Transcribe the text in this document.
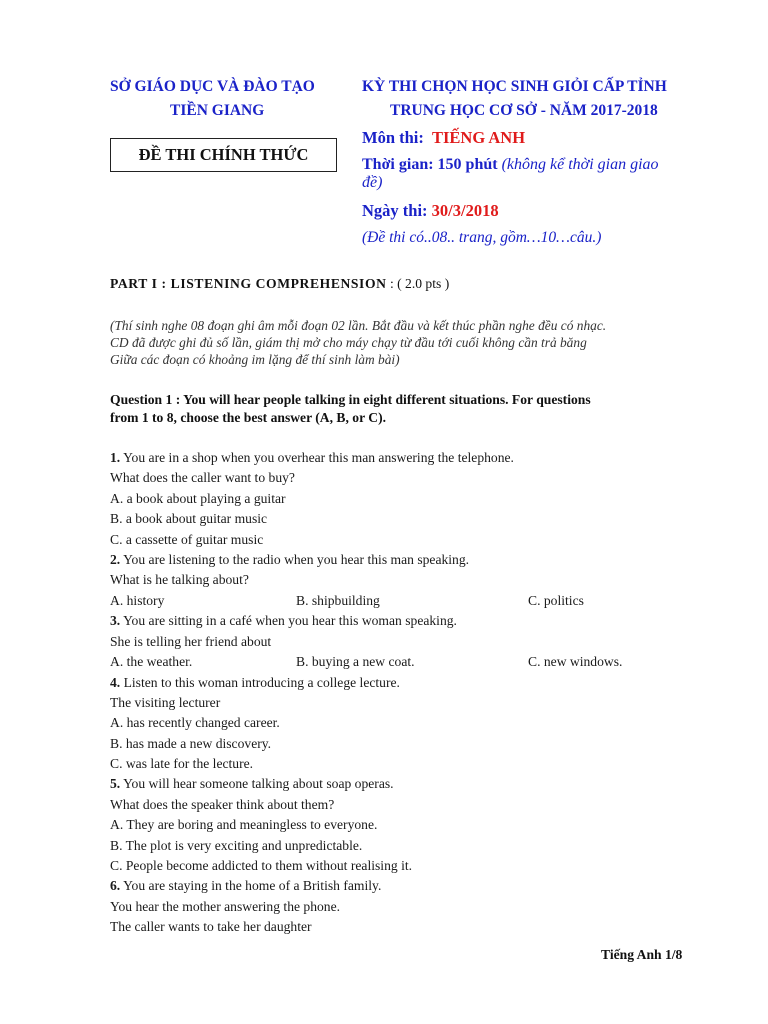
SỞ GIÁO DỤC VÀ ĐÀO TẠO
TIỀN GIANG
ĐỀ THI CHÍNH THỨC
KỲ THI CHỌN HỌC SINH GIỎI CẤP TỈNH
TRUNG HỌC CƠ SỞ - NĂM 2017-2018
Môn thi: TIẾNG ANH
Thời gian: 150 phút (không kể thời gian giao
đề)
Ngày thi: 30/3/2018
(Đề thi có..08.. trang, gồm…10…câu.)
PART I : LISTENING COMPREHENSION : ( 2.0 pts )
(Thí sinh nghe 08 đoạn ghi âm mỗi đoạn 02 lần. Bắt đầu và kết thúc phần nghe đều có nhạc.
CD đã được ghi đủ số lần, giám thị mở cho máy chạy từ đầu tới cuối không cần trả băng
Giữa các đoạn có khoảng im lặng để thí sinh làm bài)
Question 1 : You will hear people talking in eight different situations. For questions
from 1 to 8, choose the best answer (A, B, or C).
1. You are in a shop when you overhear this man answering the telephone.
What does the caller want to buy?
A. a book about playing a guitar
B. a book about guitar music
C. a cassette of guitar music
2. You are listening to the radio when you hear this man speaking.
What is he talking about?
A. history	B. shipbuilding	C. politics
3. You are sitting in a café when you hear this woman speaking.
She is telling her friend about
A. the weather.	B. buying a new coat.	C. new windows.
4. Listen to this woman introducing a college lecture.
The visiting lecturer
A. has recently changed career.
B. has made a new discovery.
C. was late for the lecture.
5. You will hear someone talking about soap operas.
What does the speaker think about them?
A. They are boring and meaningless to everyone.
B. The plot is very exciting and unpredictable.
C. People become addicted to them without realising it.
6. You are staying in the home of a British family.
You hear the mother answering the phone.
The caller wants to take her daughter
Tiếng Anh 1/8
